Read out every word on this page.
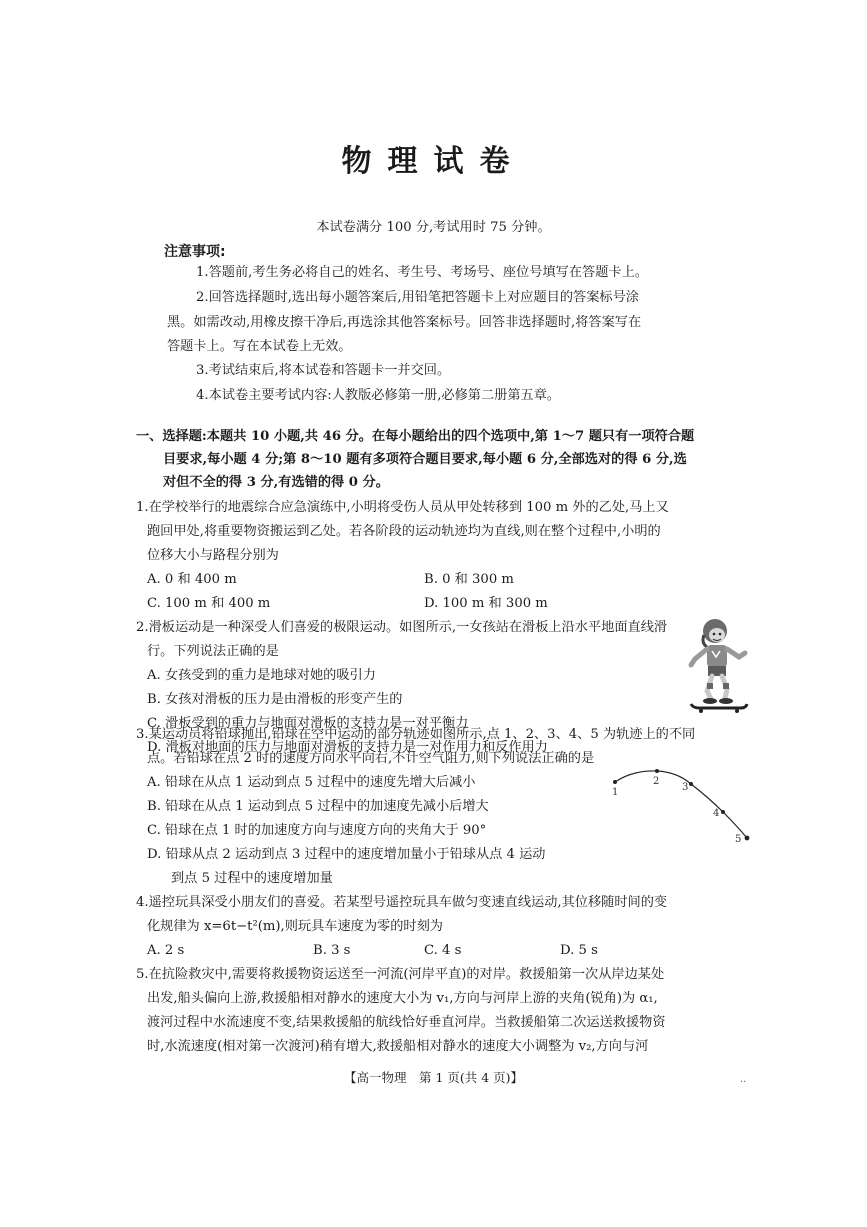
物理试卷
本试卷满分 100 分,考试用时 75 分钟。
注意事项:
1.答题前,考生务必将自己的姓名、考生号、考场号、座位号填写在答题卡上。
2.回答选择题时,选出每小题答案后,用铅笔把答题卡上对应题目的答案标号涂
黑。如需改动,用橡皮擦干净后,再选涂其他答案标号。回答非选择题时,将答案写在
答题卡上。写在本试卷上无效。
3.考试结束后,将本试卷和答题卡一并交回。
4.本试卷主要考试内容:人教版必修第一册,必修第二册第五章。
一、选择题:本题共 10 小题,共 46 分。在每小题给出的四个选项中,第 1～7 题只有一项符合题
目要求,每小题 4 分;第 8～10 题有多项符合题目要求,每小题 6 分,全部选对的得 6 分,选
对但不全的得 3 分,有选错的得 0 分。
1.在学校举行的地震综合应急演练中,小明将受伤人员从甲处转移到 100 m 外的乙处,马上又
跑回甲处,将重要物资搬运到乙处。若各阶段的运动轨迹均为直线,则在整个过程中,小明的
位移大小与路程分别为
A. 0 和 400 m	B. 0 和 300 m
C. 100 m 和 400 m	D. 100 m 和 300 m
2.滑板运动是一种深受人们喜爱的极限运动。如图所示,一女孩站在滑板上沿水平地面直线滑
行。下列说法正确的是
A. 女孩受到的重力是地球对她的吸引力
B. 女孩对滑板的压力是由滑板的形变产生的
C. 滑板受到的重力与地面对滑板的支持力是一对平衡力
D. 滑板对地面的压力与地面对滑板的支持力是一对作用力和反作用力
3.某运动员将铅球抛出,铅球在空中运动的部分轨迹如图所示,点 1、2、3、4、5 为轨迹上的不同
点。若铅球在点 2 时的速度方向水平向右,不计空气阻力,则下列说法正确的是
A. 铅球在从点 1 运动到点 5 过程中的速度先增大后减小
B. 铅球在从点 1 运动到点 5 过程中的加速度先减小后增大
C. 铅球在点 1 时的加速度方向与速度方向的夹角大于 90°
D. 铅球从点 2 运动到点 3 过程中的速度增加量小于铅球从点 4 运动
到点 5 过程中的速度增加量
1
2
3
4
5
4.遥控玩具深受小朋友们的喜爱。若某型号遥控玩具车做匀变速直线运动,其位移随时间的变
化规律为 x=6t−t²(m),则玩具车速度为零的时刻为
A. 2 s	B. 3 s	C. 4 s	D. 5 s
5.在抗险救灾中,需要将救援物资运送至一河流(河岸平直)的对岸。救援船第一次从岸边某处
出发,船头偏向上游,救援船相对静水的速度大小为 v₁,方向与河岸上游的夹角(锐角)为 α₁,
渡河过程中水流速度不变,结果救援船的航线恰好垂直河岸。当救援船第二次运送救援物资
时,水流速度(相对第一次渡河)稍有增大,救援船相对静水的速度大小调整为 v₂,方向与河
【高一物理　第 1 页(共 4 页)】	..
